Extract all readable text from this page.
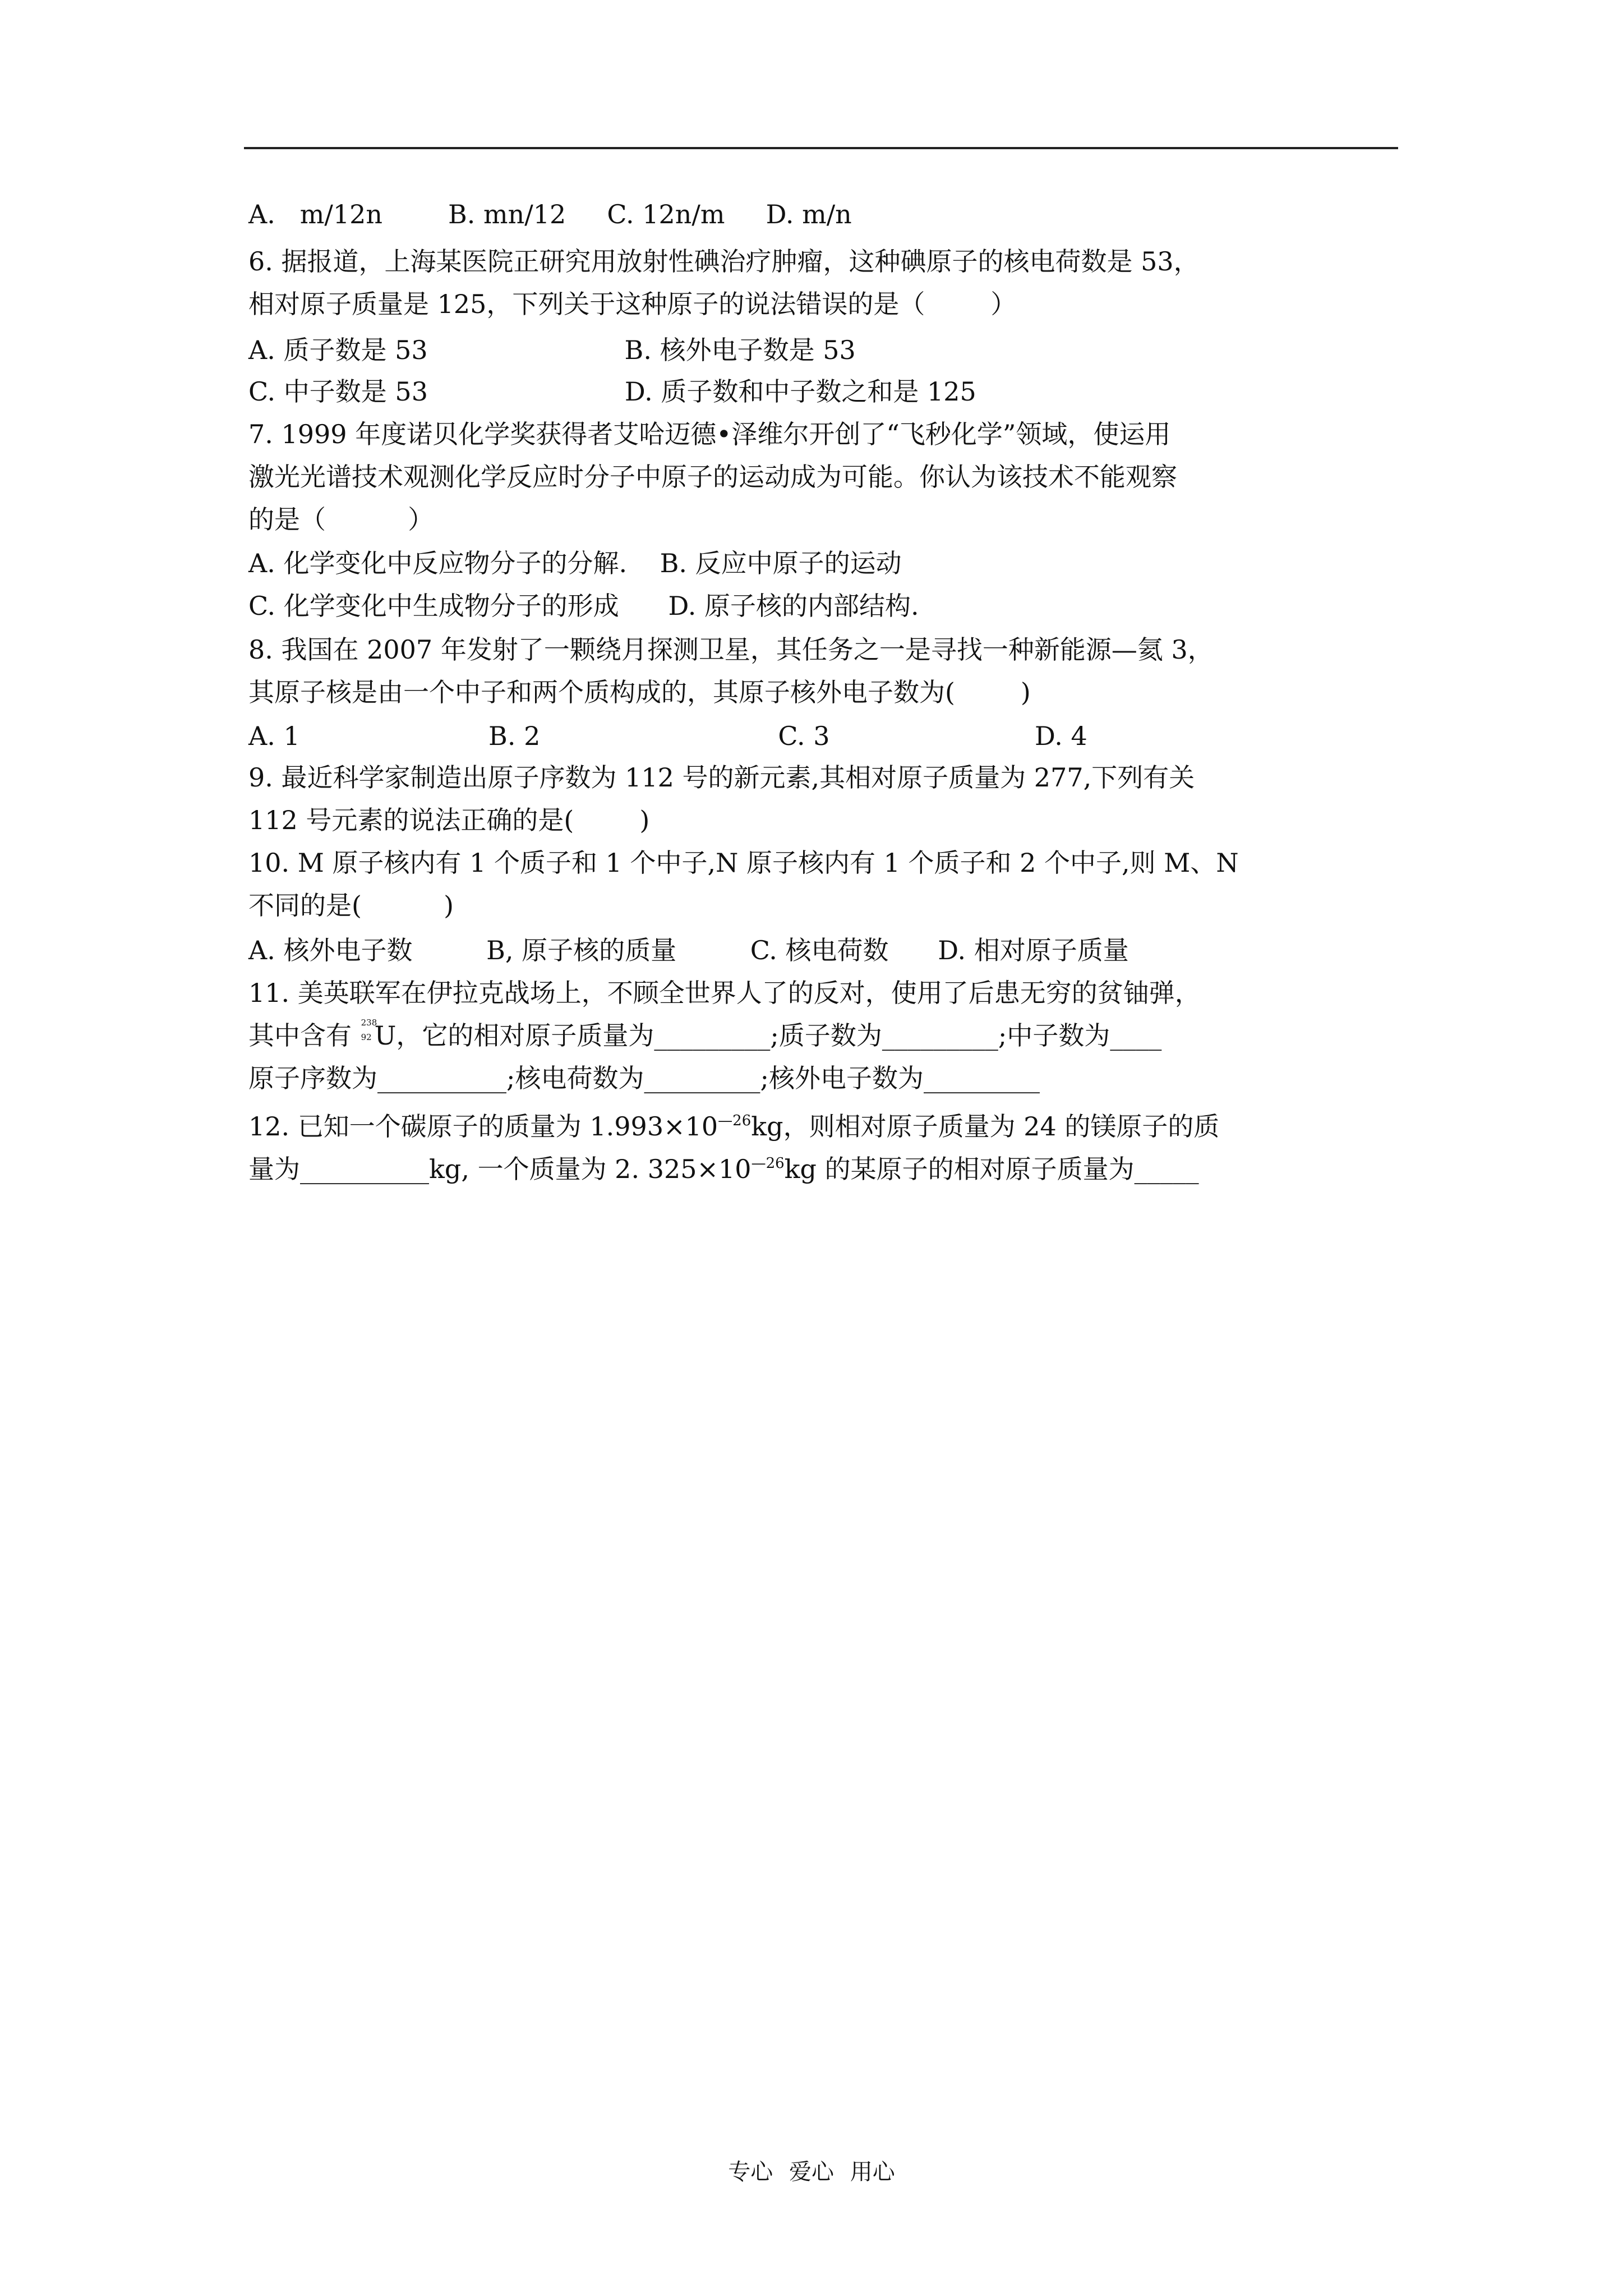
A.   m/12n        B. mn/12     C. 12n/m     D. m/n
6. 据报道，上海某医院正研究用放射性碘治疗肿瘤，这种碘原子的核电荷数是 53，
相对原子质量是 125，下列关于这种原子的说法错误的是（        ）
A. 质子数是 53                        B. 核外电子数是 53
C. 中子数是 53                        D. 质子数和中子数之和是 125
7. 1999 年度诺贝化学奖获得者艾哈迈德•泽维尔开创了“飞秒化学”领域，使运用
激光光谱技术观测化学反应时分子中原子的运动成为可能。你认为该技术不能观察
的是（          ）
A. 化学变化中反应物分子的分解.    B. 反应中原子的运动
C. 化学变化中生成物分子的形成      D. 原子核的内部结构.
8. 我国在 2007 年发射了一颗绕月探测卫星，其任务之一是寻找一种新能源—氦 3，
其原子核是由一个中子和两个质构成的，其原子核外电子数为(        )
A. 1                       B. 2                             C. 3                         D. 4
9. 最近科学家制造出原子序数为 112 号的新元素,其相对原子质量为 277,下列有关
112 号元素的说法正确的是(        )
10. M 原子核内有 1 个质子和 1 个中子,N 原子核内有 1 个质子和 2 个中子,则 M、N
不同的是(          )
A. 核外电子数         B, 原子核的质量         C. 核电荷数      D. 相对原子质量
11. 美英联军在伊拉克战场上，不顾全世界人了的反对，使用了后患无穷的贫铀弹，
其中含有 238
92 U，它的相对原子质量为_________;质子数为_________;中子数为____
原子序数为__________;核电荷数为_________;核外电子数为_________
12. 已知一个碳原子的质量为 $1.993\times 10^{—26}kg$，则相对原子质量为 24 的镁原子的质
量为__________kg, 一个质量为 2. $325\times 10^{—26}kg$ 的某原子的相对原子质量为_____
专心 爱心 用心
